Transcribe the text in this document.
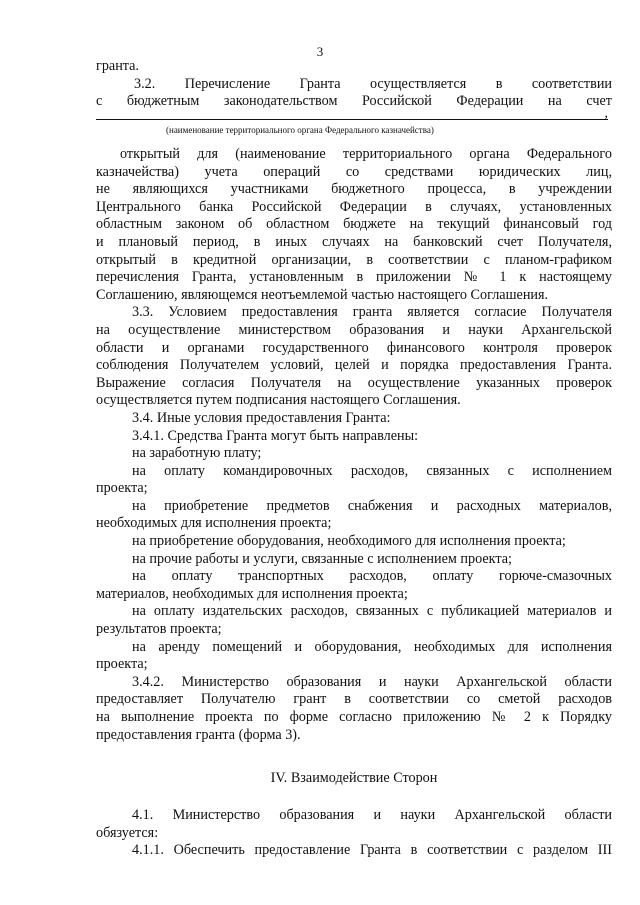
3
гранта.
3.2. Перечисление Гранта осуществляется в соответствии
с бюджетным законодательством Российской Федерации на счет
,
(наименование территориального органа Федерального казначейства)
открытый для (наименование территориального органа Федерального
казначейства) учета операций со средствами юридических лиц,
не являющихся участниками бюджетного процесса, в учреждении
Центрального банка Российской Федерации в случаях, установленных
областным законом об областном бюджете на текущий финансовый год
и плановый период, в иных случаях на банковский счет Получателя,
открытый в кредитной организации, в соответствии с планом-графиком
перечисления Гранта, установленным в приложении № 1 к настоящему
Соглашению, являющемся неотъемлемой частью настоящего Соглашения.
3.3. Условием предоставления гранта является согласие Получателя
на осуществление министерством образования и науки Архангельской
области и органами государственного финансового контроля проверок
соблюдения Получателем условий, целей и порядка предоставления Гранта.
Выражение согласия Получателя на осуществление указанных проверок
осуществляется путем подписания настоящего Соглашения.
3.4. Иные условия предоставления Гранта:
3.4.1. Средства Гранта могут быть направлены:
на заработную плату;
на оплату командировочных расходов, связанных с исполнением
проекта;
на приобретение предметов снабжения и расходных материалов,
необходимых для исполнения проекта;
на приобретение оборудования, необходимого для исполнения проекта;
на прочие работы и услуги, связанные с исполнением проекта;
на оплату транспортных расходов, оплату горюче-смазочных
материалов, необходимых для исполнения проекта;
на оплату издательских расходов, связанных с публикацией материалов и
результатов проекта;
на аренду помещений и оборудования, необходимых для исполнения
проекта;
3.4.2. Министерство образования и науки Архангельской области
предоставляет Получателю грант в соответствии со сметой расходов
на выполнение проекта по форме согласно приложению № 2 к Порядку
предоставления гранта (форма 3).
IV. Взаимодействие Сторон
4.1. Министерство образования и науки Архангельской области
обязуется:
4.1.1. Обеспечить предоставление Гранта в соответствии с разделом III
